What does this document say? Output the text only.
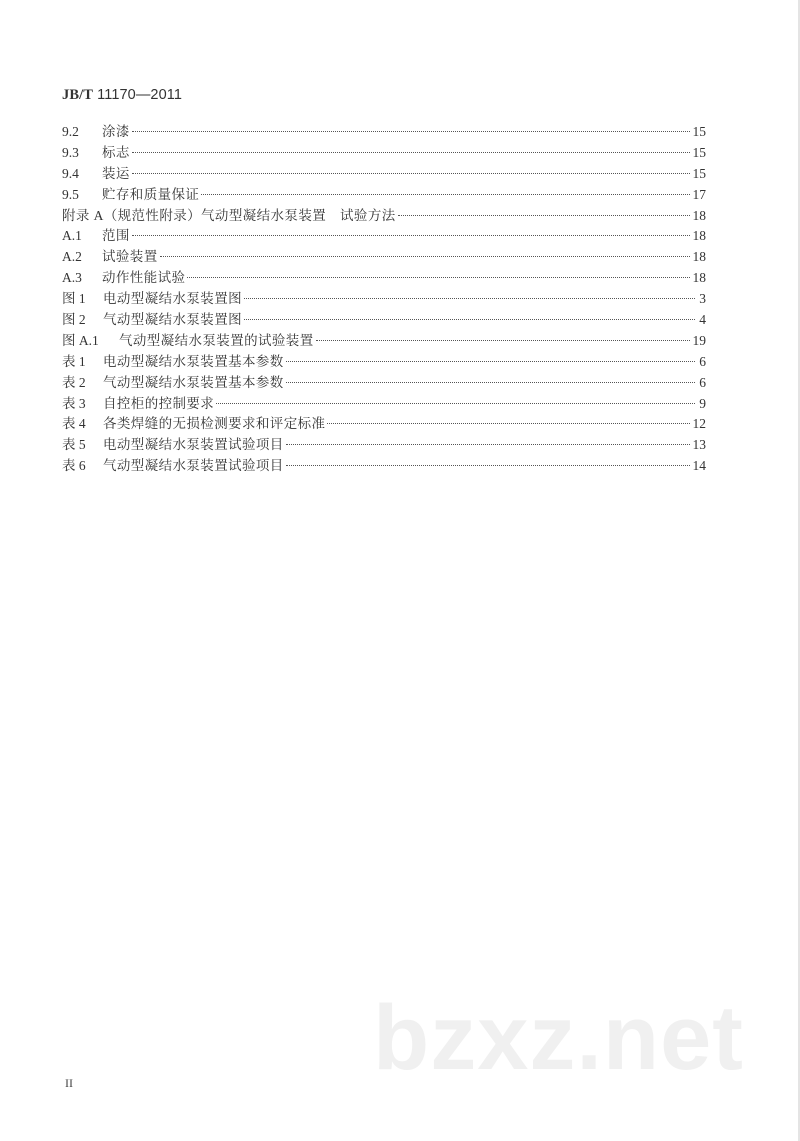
JB/T 11170—2011
9.2	涂漆	15
9.3	标志	15
9.4	装运	15
9.5	贮存和质量保证	17
附录 A（规范性附录）气动型凝结水泵装置　试验方法	18
A.1	范围	18
A.2	试验装置	18
A.3	动作性能试验	18
图 1	电动型凝结水泵装置图	3
图 2	气动型凝结水泵装置图	4
图 A.1	气动型凝结水泵装置的试验装置	19
表 1	电动型凝结水泵装置基本参数	6
表 2	气动型凝结水泵装置基本参数	6
表 3	自控柜的控制要求	9
表 4	各类焊缝的无损检测要求和评定标准	12
表 5	电动型凝结水泵装置试验项目	13
表 6	气动型凝结水泵装置试验项目	14
II	bzxz.net
